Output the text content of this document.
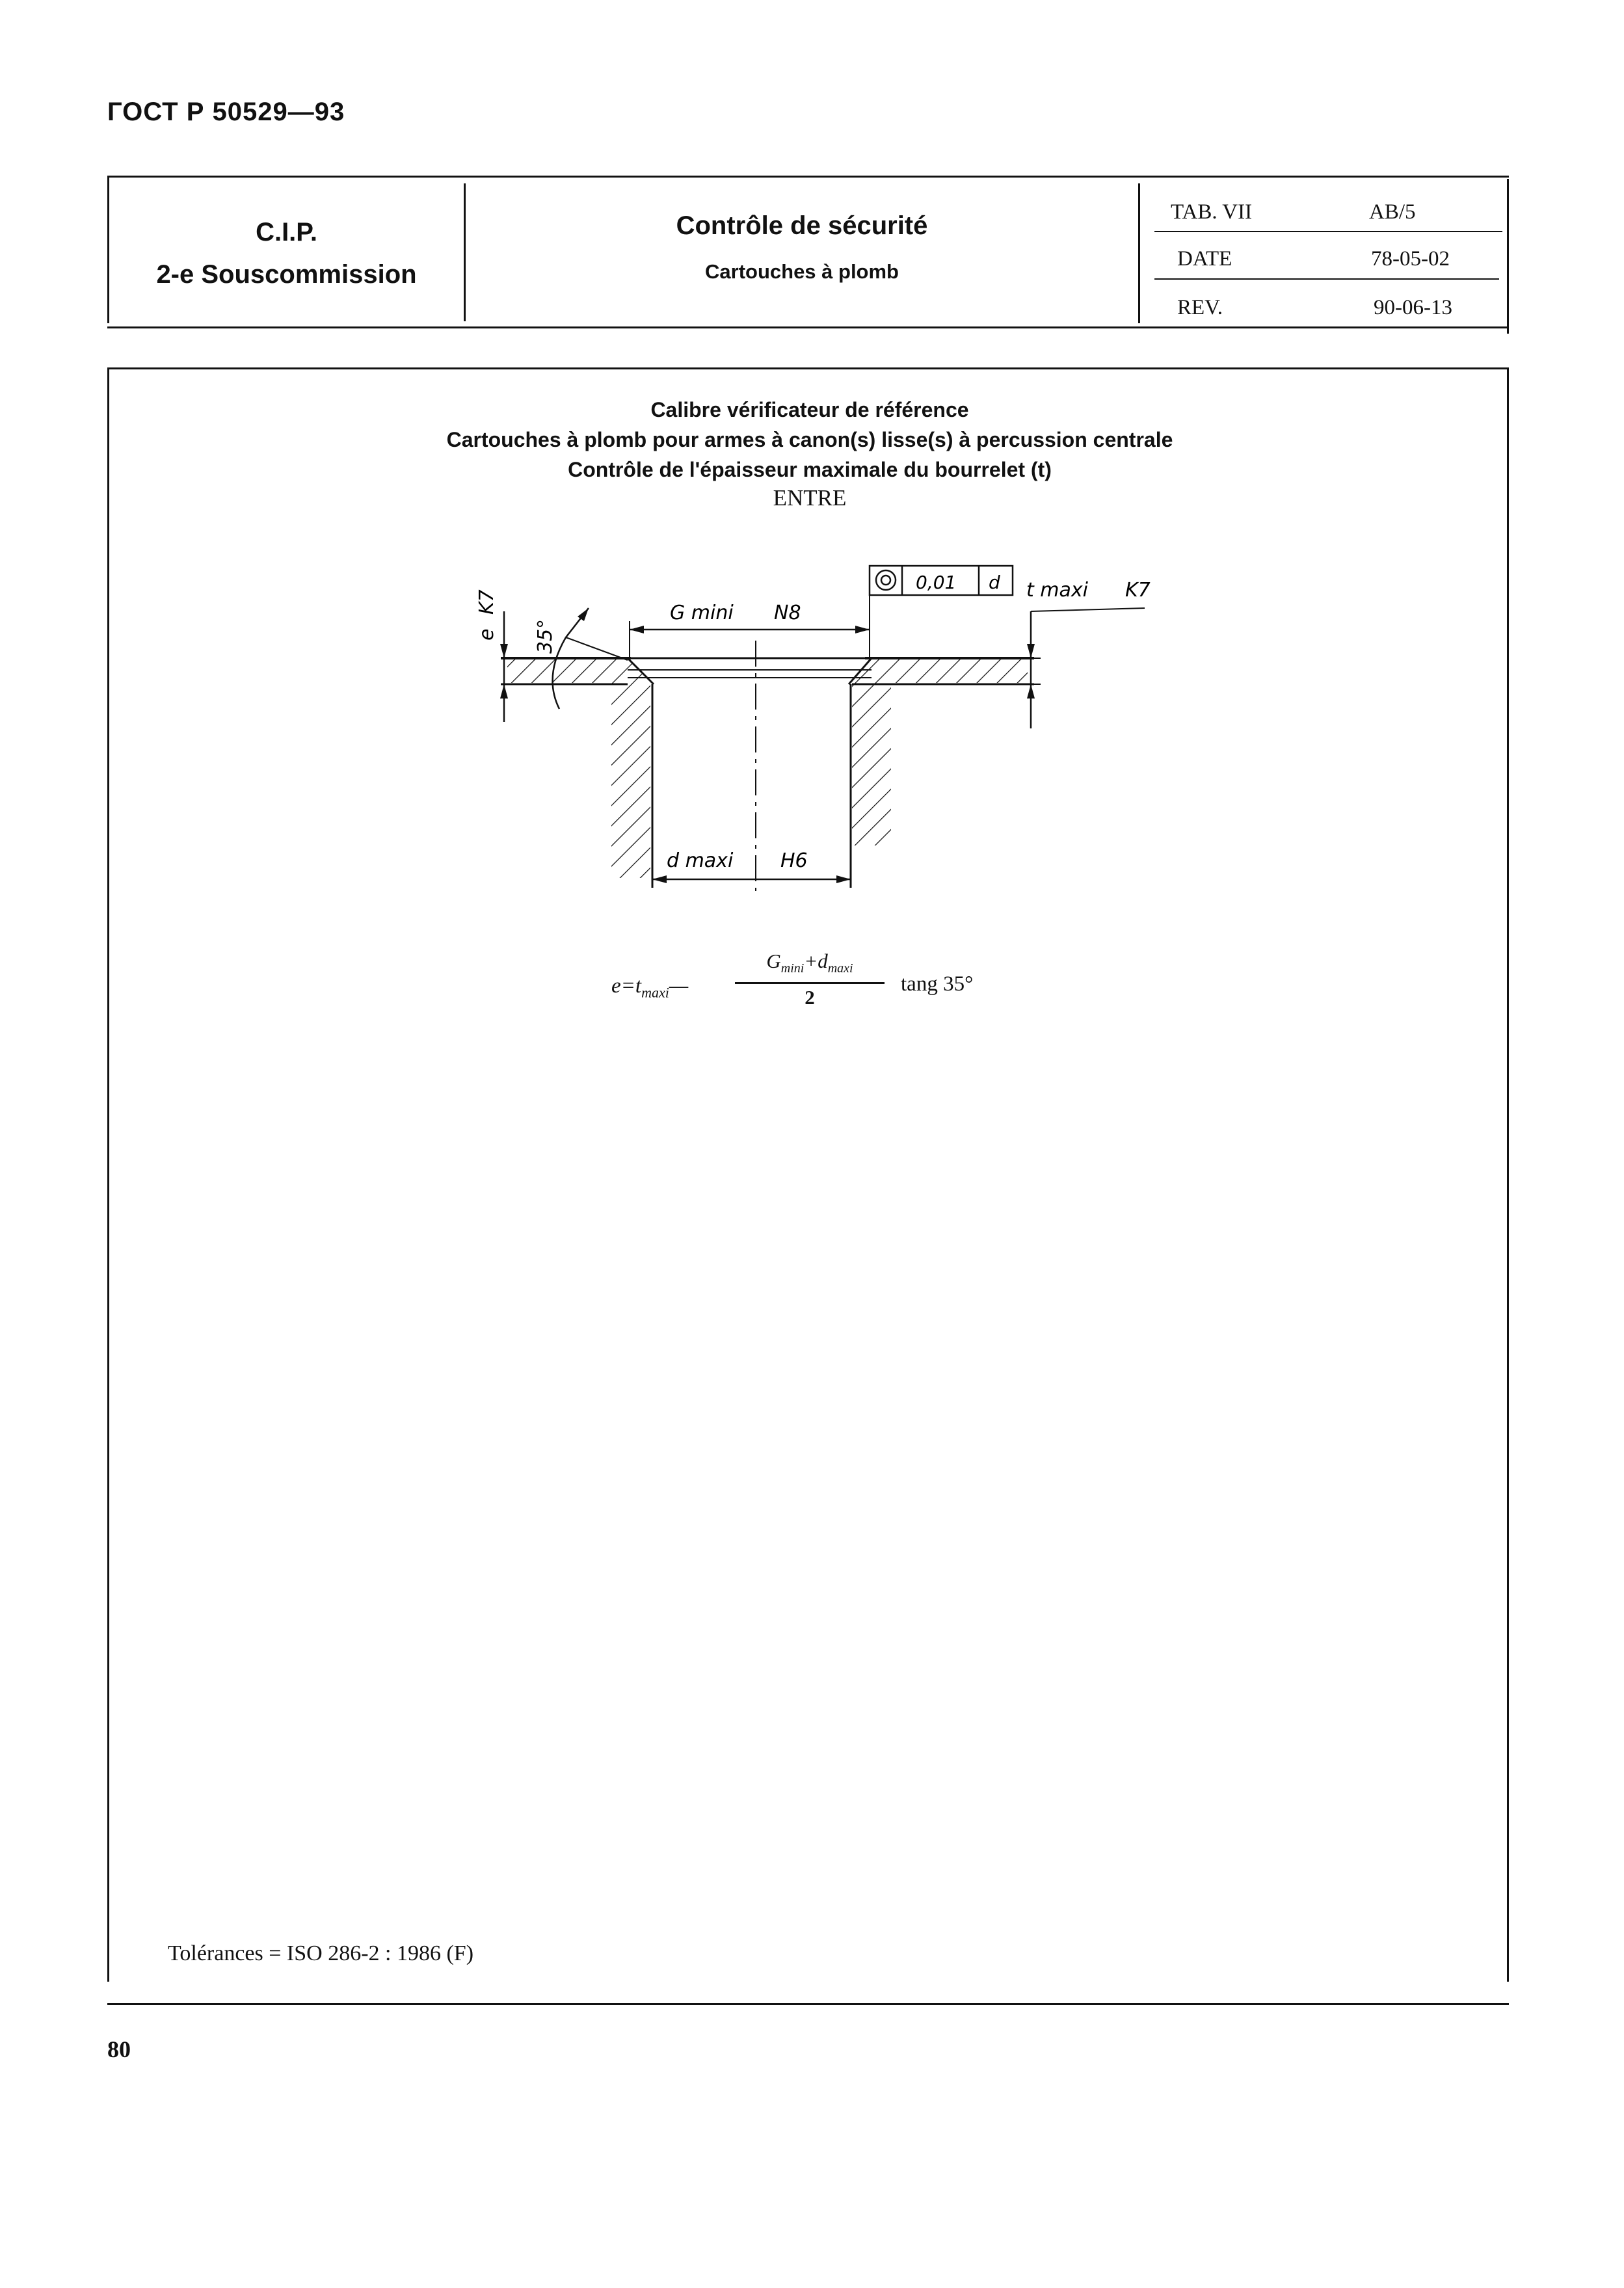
ГОСТ Р 50529—93
C.I.P.
2-e Souscommission
Contrôle de sécurité
Cartouches à plomb
TAB. VII	AB/5
DATE	78-05-02
REV.	90-06-13
Calibre vérificateur de référence
Cartouches à plomb pour armes à canon(s) lisse(s) à percussion centrale
Contrôle de l'épaisseur maximale du bourrelet (t)
ENTRE
G mini N8
d maxi H6
0,01 d t maxi K7
e
K7
35°
$e=t_{maxi}—$
$G_{mini}+d_{maxi}$
2
tang 35°
Tolérances = ISO 286-2 : 1986 (F)
80
